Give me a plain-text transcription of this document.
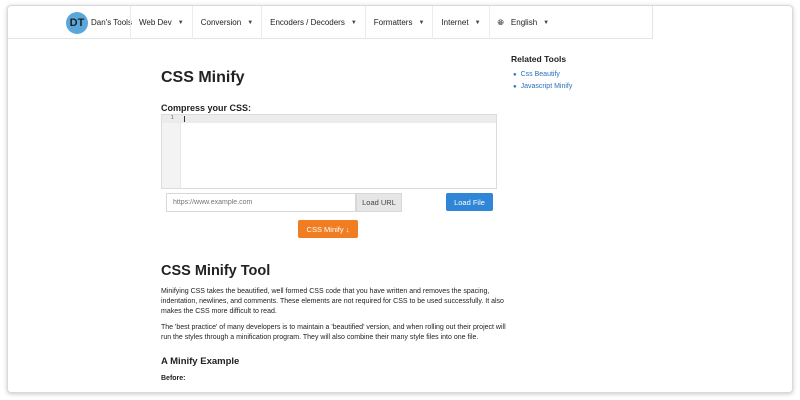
DT Dan's Tools Web Dev ▼ Conversion ▼ Encoders / Decoders ▼ Formatters ▼ Internet ▼ 🌐︎ English ▼
CSS Minify
Compress your CSS:
1
https://www.example.com
Load URL	Load File
CSS Minify ↓
CSS Minify Tool

Minifying CSS takes the beautified, well formed CSS code that you have written and removes the spacing, indentation, newlines, and comments. These elements are not required for CSS to be used successfully. It also makes the CSS more difficult to read.

The 'best practice' of many developers is to maintain a 'beautified' version, and when rolling out their project will run the styles through a minification program. They will also combine their many style files into one file.

A Minify Example
Before:
Related Tools
● Css Beautify
● Javascript Minify
